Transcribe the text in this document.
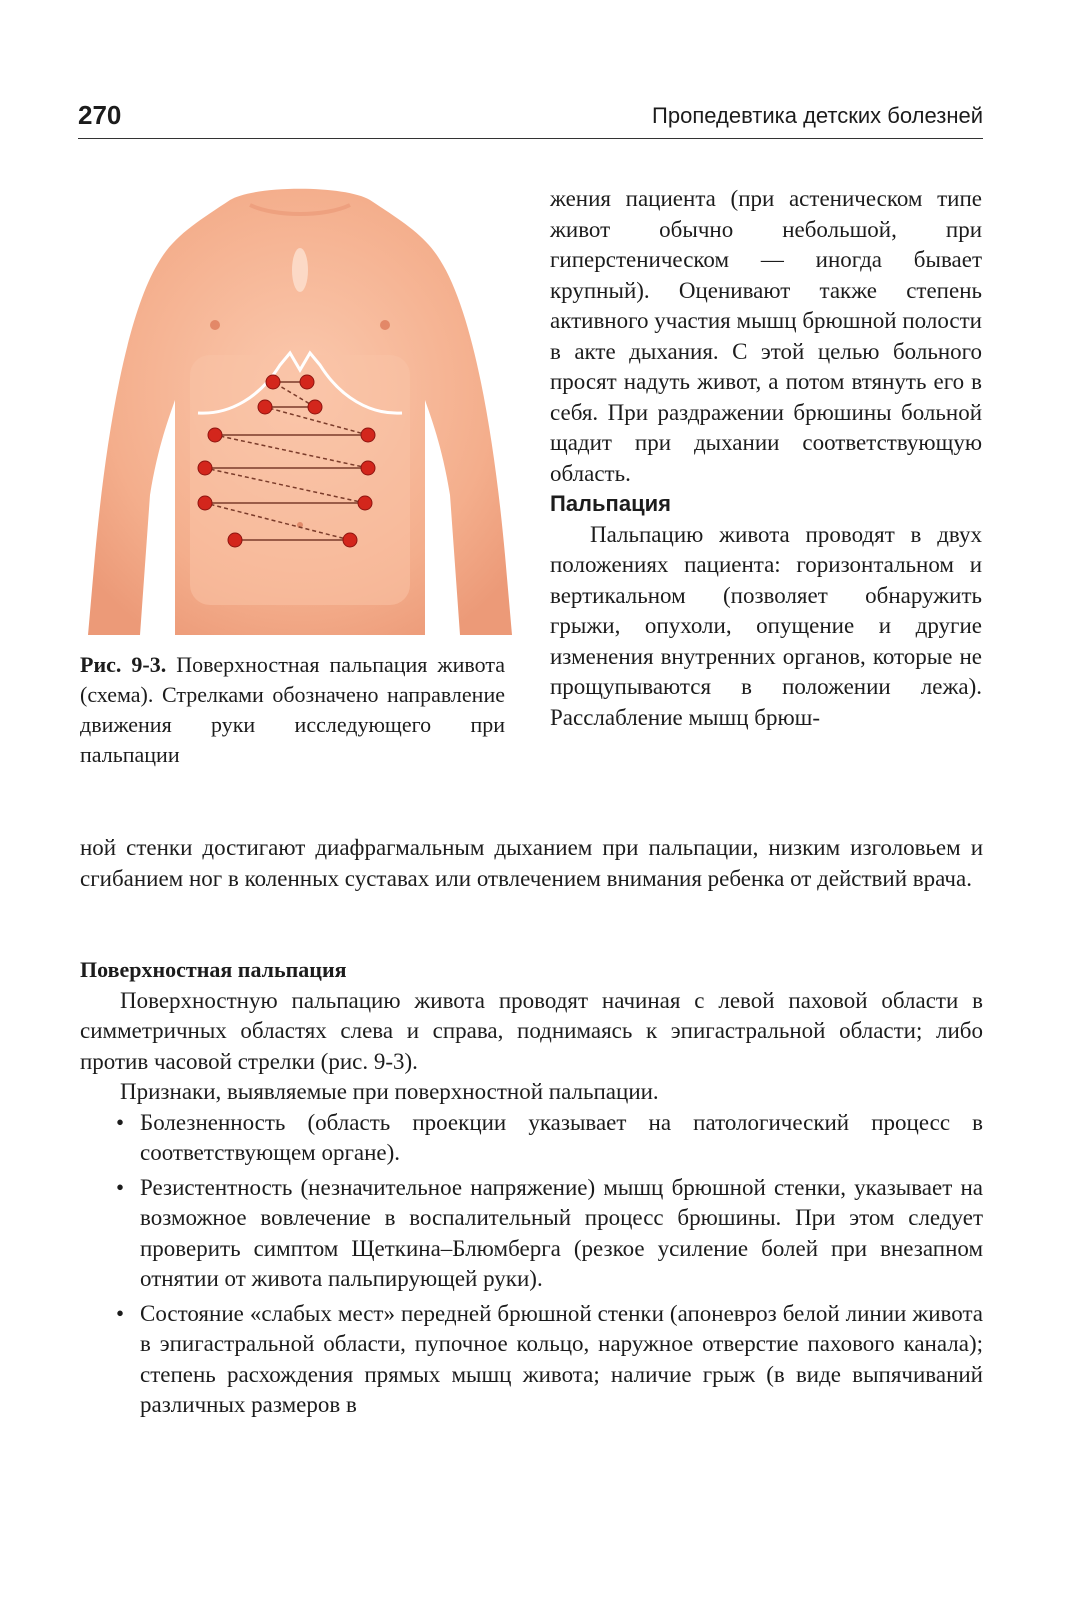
270	Пропедевтика детских болезней
Рис. 9-3. Поверхностная пальпация живота (схема). Стрелками обозначено направление движения руки исследующего при пальпации

жения пациента (при астеническом типе живот обычно небольшой, при гиперстеническом — иногда бывает крупный). Оценивают также степень активного участия мышц брюшной полости в акте дыхания. С этой целью больного просят надуть живот, а потом втянуть его в себя. При раздражении брюшины больной щадит при дыхании соответствующую область.

Пальпация

Пальпацию живота проводят в двух положениях пациента: горизонтальном и вертикальном (позволяет обнаружить грыжи, опухоли, опущение и другие изменения внутренних органов, которые не прощупываются в положении лежа). Расслабление мышц брюш-

ной стенки достигают диафрагмальным дыханием при пальпации, низким изголовьем и сгибанием ног в коленных суставах или отвлечением внимания ребенка от действий врача.

Поверхностная пальпация

Поверхностную пальпацию живота проводят начиная с левой паховой области в симметричных областях слева и справа, поднимаясь к эпигастральной области; либо против часовой стрелки (рис. 9-3).

Признаки, выявляемые при поверхностной пальпации.

• Болезненность (область проекции указывает на патологический процесс в соответствующем органе).
• Резистентность (незначительное напряжение) мышц брюшной стенки, указывает на возможное вовлечение в воспалительный процесс брюшины. При этом следует проверить симптом Щеткина–Блюмберга (резкое усиление болей при внезапном отнятии от живота пальпирующей руки).
• Состояние «слабых мест» передней брюшной стенки (апоневроз белой линии живота в эпигастральной области, пупочное кольцо, наружное отверстие пахового канала); степень расхождения прямых мышц живота; наличие грыж (в виде выпячиваний различных размеров в
